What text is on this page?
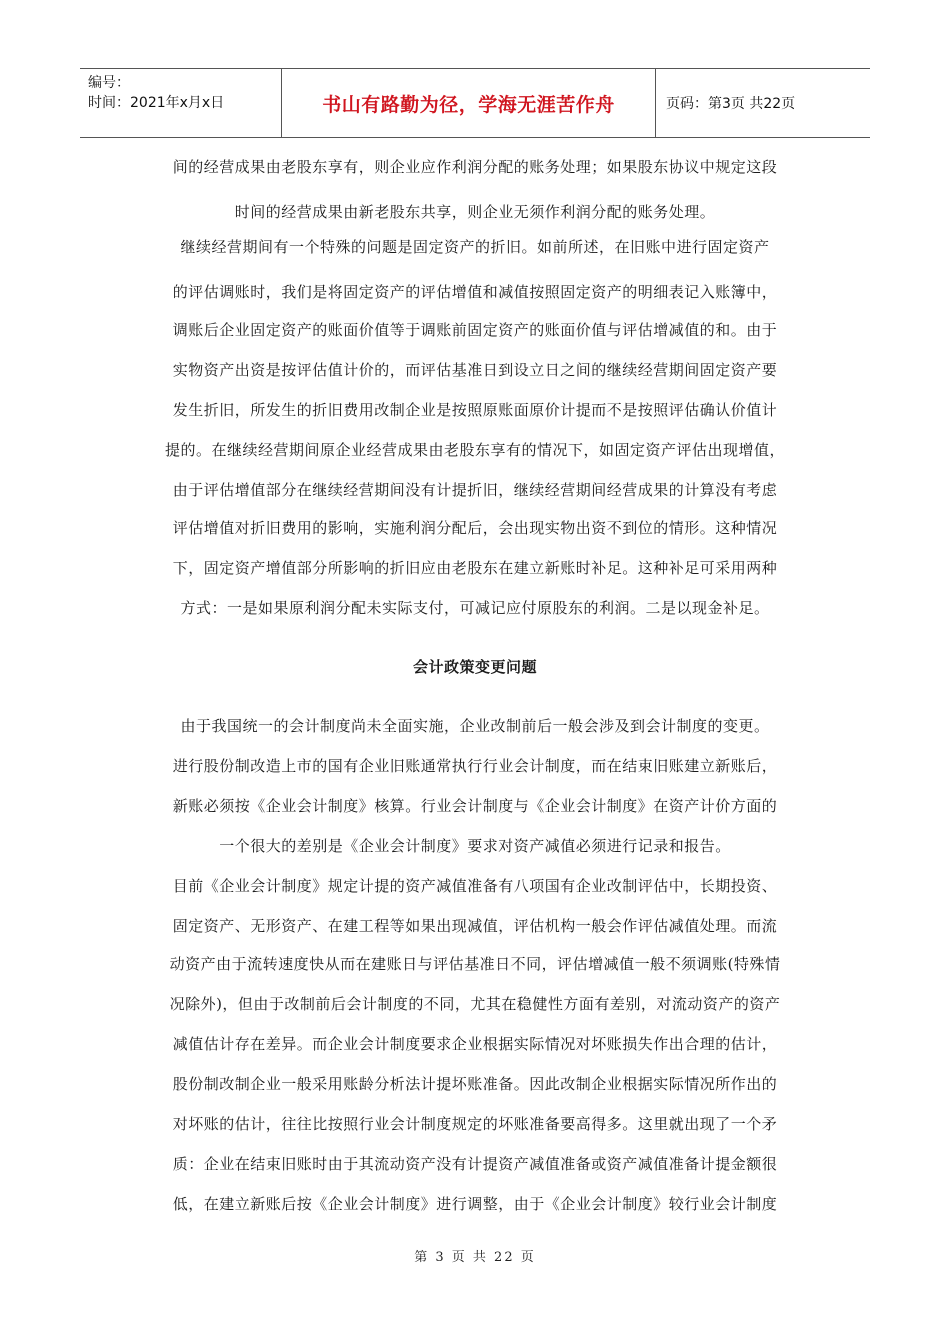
编号：
时间：2021年x月x日	书山有路勤为径，学海无涯苦作舟	页码：第3页 共22页
间的经营成果由老股东享有，则企业应作利润分配的账务处理；如果股东协议中规定这段
时间的经营成果由新老股东共享，则企业无须作利润分配的账务处理。
继续经营期间有一个特殊的问题是固定资产的折旧。如前所述，在旧账中进行固定资产
的评估调账时，我们是将固定资产的评估增值和减值按照固定资产的明细表记入账簿中，
调账后企业固定资产的账面价值等于调账前固定资产的账面价值与评估增减值的和。由于
实物资产出资是按评估值计价的，而评估基准日到设立日之间的继续经营期间固定资产要
发生折旧，所发生的折旧费用改制企业是按照原账面原价计提而不是按照评估确认价值计
提的。在继续经营期间原企业经营成果由老股东享有的情况下，如固定资产评估出现增值，
由于评估增值部分在继续经营期间没有计提折旧，继续经营期间经营成果的计算没有考虑
评估增值对折旧费用的影响，实施利润分配后，会出现实物出资不到位的情形。这种情况
下，固定资产增值部分所影响的折旧应由老股东在建立新账时补足。这种补足可采用两种
方式：一是如果原利润分配未实际支付，可减记应付原股东的利润。二是以现金补足。
会计政策变更问题
由于我国统一的会计制度尚未全面实施，企业改制前后一般会涉及到会计制度的变更。
进行股份制改造上市的国有企业旧账通常执行行业会计制度，而在结束旧账建立新账后，
新账必须按《企业会计制度》核算。行业会计制度与《企业会计制度》在资产计价方面的
一个很大的差别是《企业会计制度》要求对资产减值必须进行记录和报告。
目前《企业会计制度》规定计提的资产减值准备有八项国有企业改制评估中，长期投资、
固定资产、无形资产、在建工程等如果出现减值，评估机构一般会作评估减值处理。而流
动资产由于流转速度快从而在建账日与评估基准日不同，评估增减值一般不须调账(特殊情
况除外)，但由于改制前后会计制度的不同，尤其在稳健性方面有差别，对流动资产的资产
减值估计存在差异。而企业会计制度要求企业根据实际情况对坏账损失作出合理的估计，
股份制改制企业一般采用账龄分析法计提坏账准备。因此改制企业根据实际情况所作出的
对坏账的估计，往往比按照行业会计制度规定的坏账准备要高得多。这里就出现了一个矛
质：企业在结束旧账时由于其流动资产没有计提资产减值准备或资产减值准备计提金额很
低，在建立新账后按《企业会计制度》进行调整，由于《企业会计制度》较行业会计制度
第 3 页 共 22 页
